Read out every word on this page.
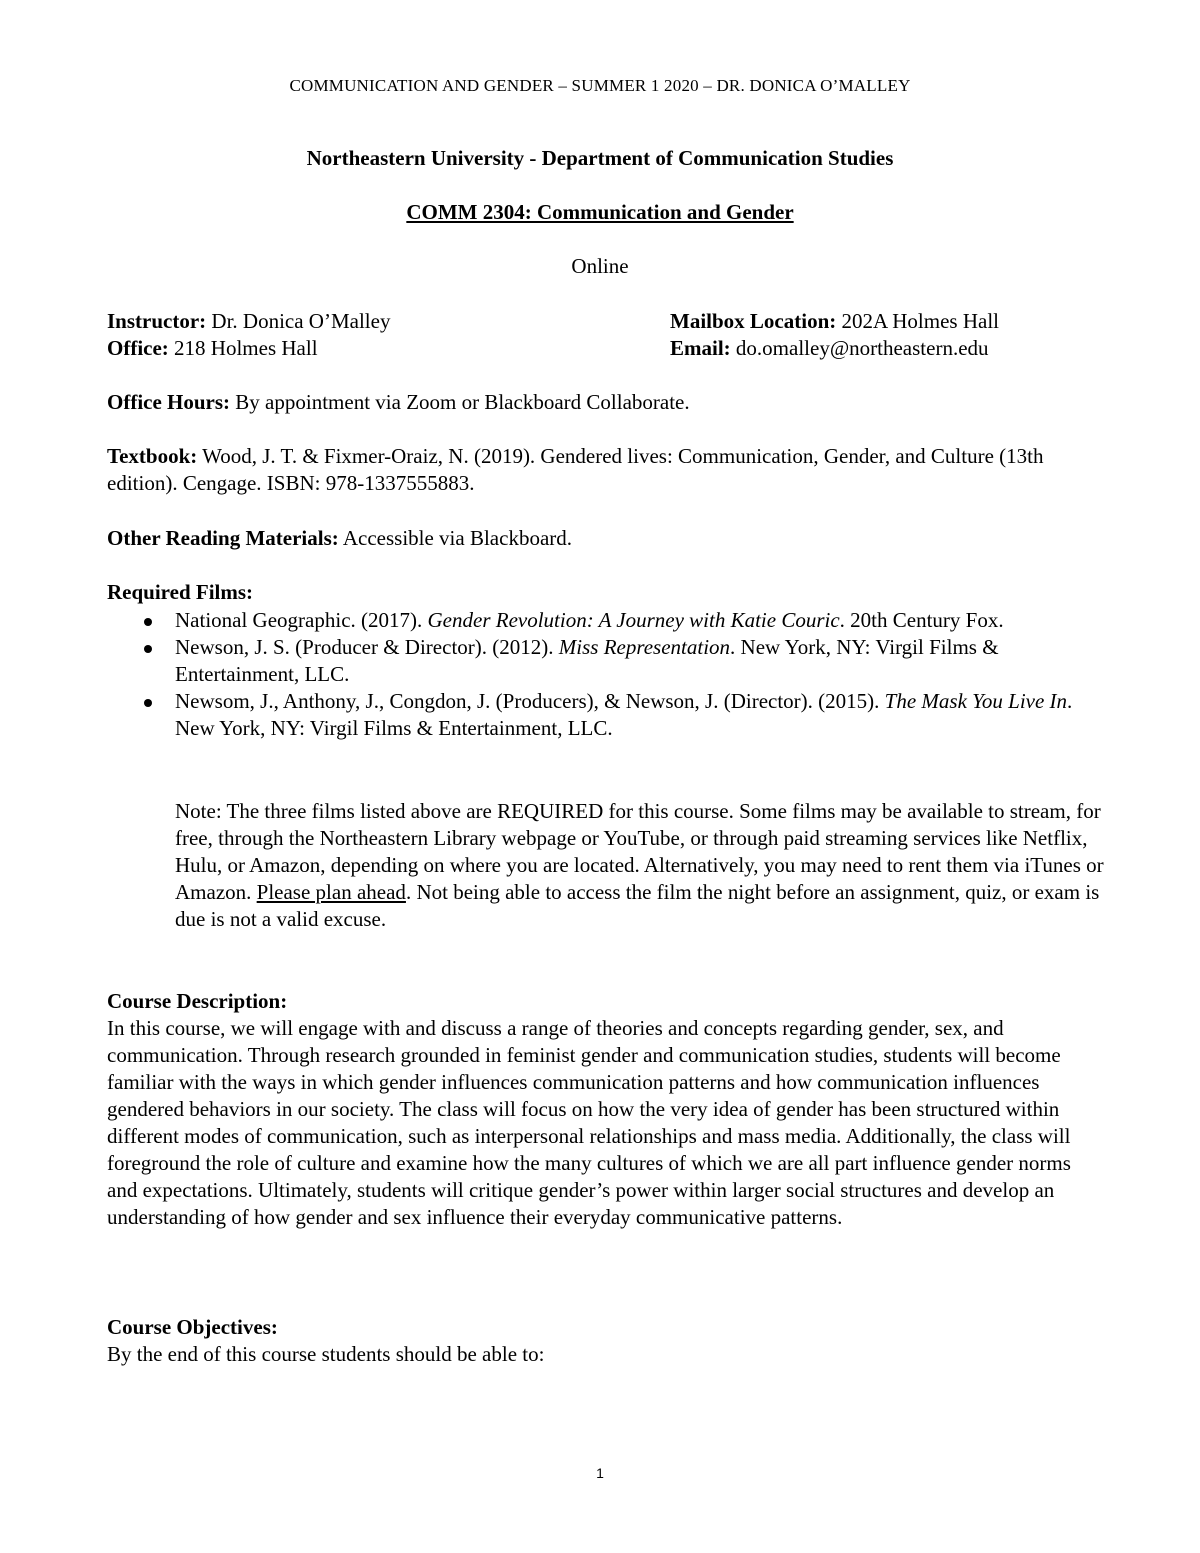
COMMUNICATION AND GENDER – SUMMER 1 2020 – DR. DONICA O’MALLEY
Northeastern University - Department of Communication Studies
COMM 2304: Communication and Gender
Online
Instructor: Dr. Donica O’Malley
Office: 218 Holmes Hall
Mailbox Location: 202A Holmes Hall
Email: do.omalley@northeastern.edu
Office Hours: By appointment via Zoom or Blackboard Collaborate.
Textbook: Wood, J. T. & Fixmer-Oraiz, N. (2019). Gendered lives: Communication, Gender, and Culture (13th edition). Cengage. ISBN: 978-1337555883.
Other Reading Materials: Accessible via Blackboard.
Required Films:
National Geographic. (2017). Gender Revolution: A Journey with Katie Couric. 20th Century Fox.
Newson, J. S. (Producer & Director). (2012). Miss Representation. New York, NY: Virgil Films & Entertainment, LLC.
Newsom, J., Anthony, J., Congdon, J. (Producers), & Newson, J. (Director). (2015). The Mask You Live In. New York, NY: Virgil Films & Entertainment, LLC.
Note: The three films listed above are REQUIRED for this course. Some films may be available to stream, for free, through the Northeastern Library webpage or YouTube, or through paid streaming services like Netflix, Hulu, or Amazon, depending on where you are located. Alternatively, you may need to rent them via iTunes or Amazon. Please plan ahead. Not being able to access the film the night before an assignment, quiz, or exam is due is not a valid excuse.
Course Description:
In this course, we will engage with and discuss a range of theories and concepts regarding gender, sex, and communication. Through research grounded in feminist gender and communication studies, students will become familiar with the ways in which gender influences communication patterns and how communication influences gendered behaviors in our society. The class will focus on how the very idea of gender has been structured within different modes of communication, such as interpersonal relationships and mass media. Additionally, the class will foreground the role of culture and examine how the many cultures of which we are all part influence gender norms and expectations. Ultimately, students will critique gender’s power within larger social structures and develop an understanding of how gender and sex influence their everyday communicative patterns.
Course Objectives:
By the end of this course students should be able to:
1
